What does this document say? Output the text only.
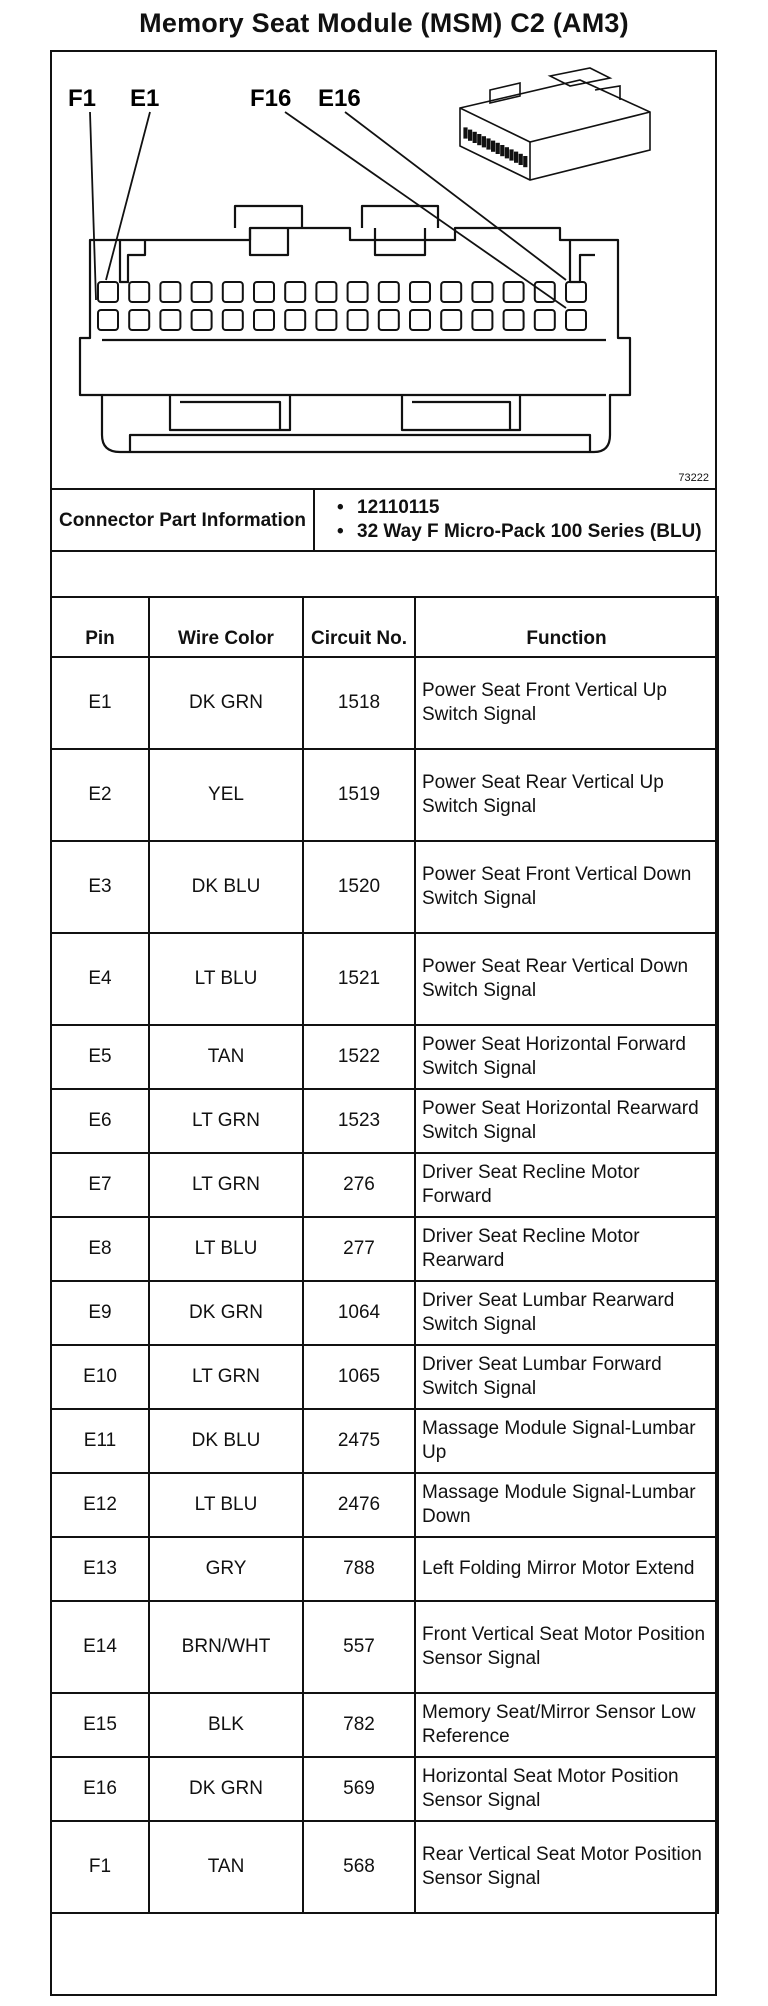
Memory Seat Module (MSM) C2 (AM3)
F1 E1	F16 E16
73222
Connector Part Information	
• 12110115
• 32 Way F Micro-Pack 100 Series (BLU)
Pin	Wire Color	Circuit No.	Function
E1	DK GRN	1518	Power Seat Front Vertical Up Switch Signal
E2	YEL	1519	Power Seat Rear Vertical Up Switch Signal
E3	DK BLU	1520	Power Seat Front Vertical Down Switch Signal
E4	LT BLU	1521	Power Seat Rear Vertical Down Switch Signal
E5	TAN	1522	Power Seat Horizontal Forward Switch Signal
E6	LT GRN	1523	Power Seat Horizontal Rearward Switch Signal
E7	LT GRN	276	Driver Seat Recline Motor Forward
E8	LT BLU	277	Driver Seat Recline Motor Rearward
E9	DK GRN	1064	Driver Seat Lumbar Rearward Switch Signal
E10	LT GRN	1065	Driver Seat Lumbar Forward Switch Signal
E11	DK BLU	2475	Massage Module Signal-Lumbar Up
E12	LT BLU	2476	Massage Module Signal-Lumbar Down
E13	GRY	788	Left Folding Mirror Motor Extend
E14	BRN/WHT	557	Front Vertical Seat Motor Position Sensor Signal
E15	BLK	782	Memory Seat/Mirror Sensor Low Reference
E16	DK GRN	569	Horizontal Seat Motor Position Sensor Signal
F1	TAN	568	Rear Vertical Seat Motor Position Sensor Signal
